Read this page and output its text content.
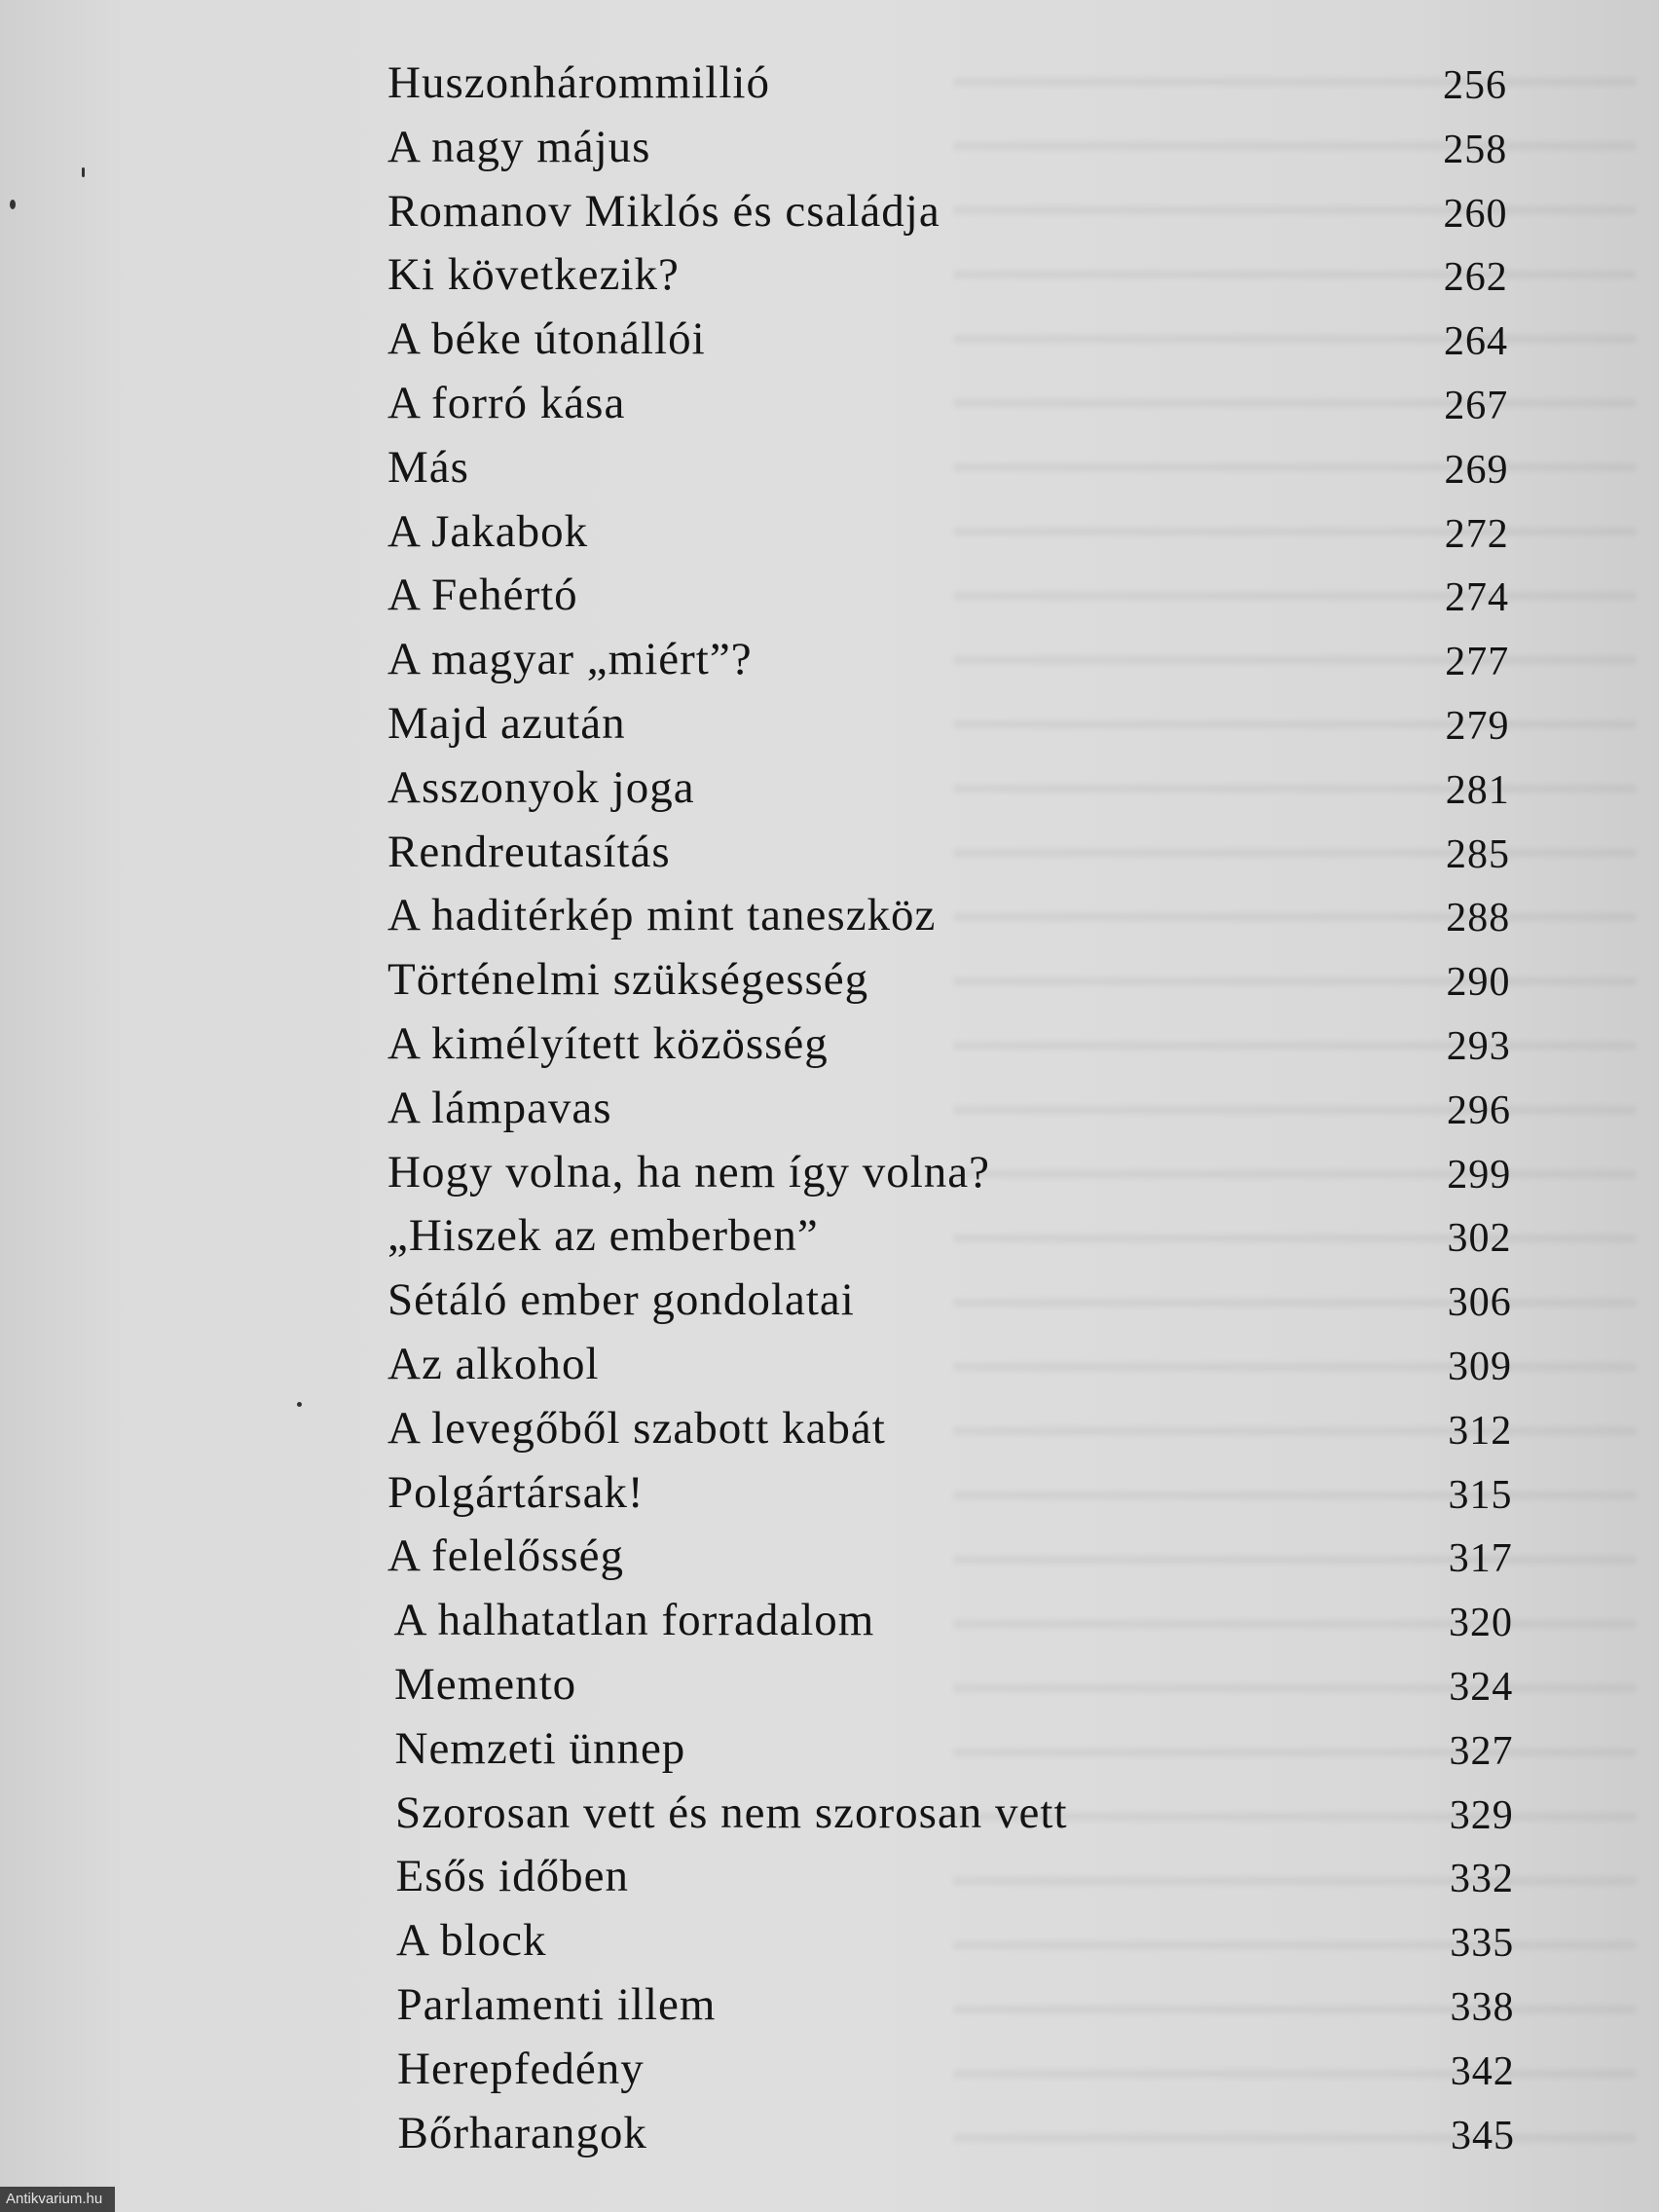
Huszonhárommillió	256
A nagy május	258
Romanov Miklós és családja	260
Ki következik?	262
A béke útonállói	264
A forró kása	267
Más	269
A Jakabok	272
A Fehértó	274
A magyar „miért”?	277
Majd azután	279
Asszonyok joga	281
Rendreutasítás	285
A haditérkép mint taneszköz	288
Történelmi szükségesség	290
A kimélyített közösség	293
A lámpavas	296
Hogy volna, ha nem így volna?	299
„Hiszek az emberben”	302
Sétáló ember gondolatai	306
Az alkohol	309
A levegőből szabott kabát	312
Polgártársak!	315
A felelősség	317
A halhatatlan forradalom	320
Memento	324
Nemzeti ünnep	327
Szorosan vett és nem szorosan vett	329
Esős időben	332
A block	335
Parlamenti illem	338
Herepfedény	342
Bőrharangok	345
Antikvarium.hu
